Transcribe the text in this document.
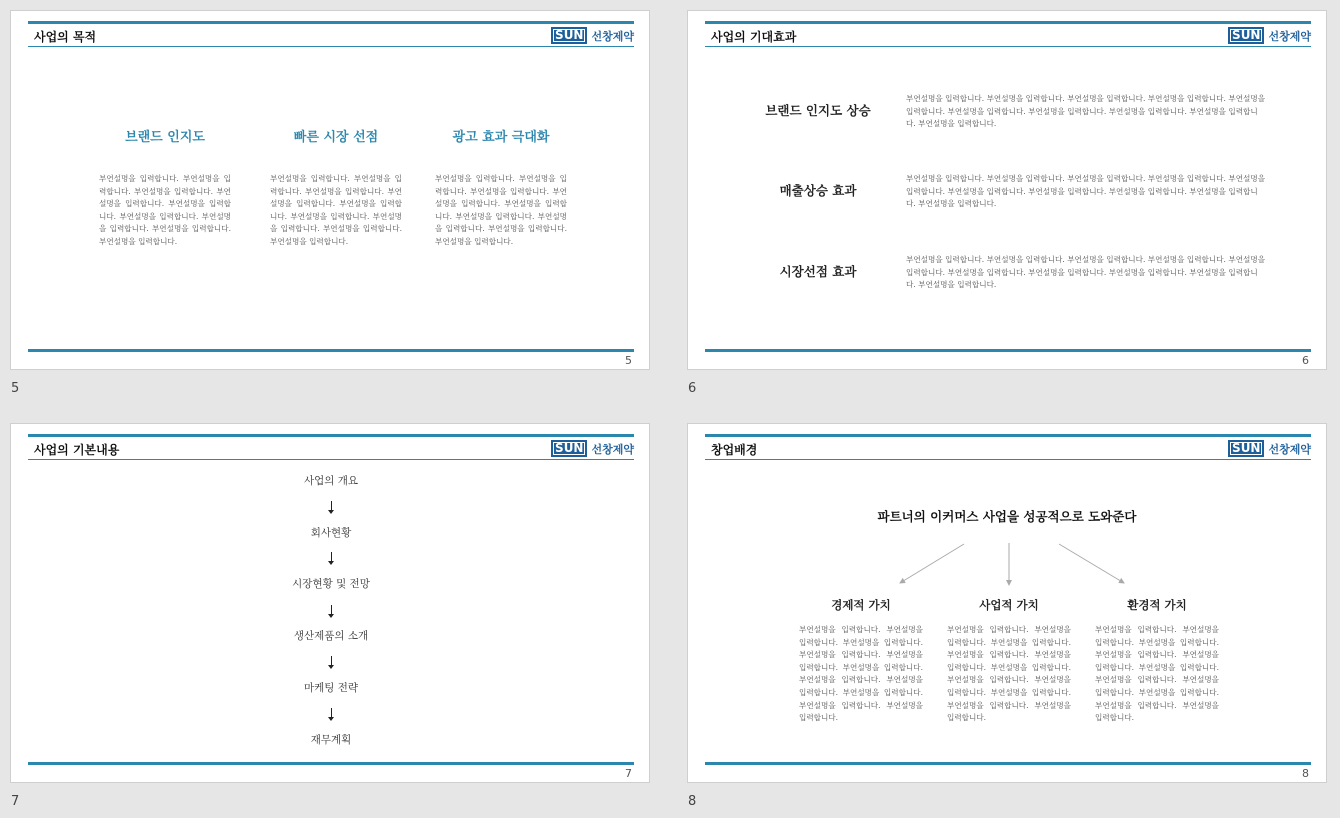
사업의 목적	SUN 선창제약
브랜드 인지도
부연설명을 입력합니다. 부연설명을 입력합니다. 부연설명을 입력합니다. 부연설명을 입력합니다. 부연설명을 입력합니다. 부연설명을 입력합니다. 부연설명을 입력합니다. 부연설명을 입력합니다. 부연설명을 입력합니다.
빠른 시장 선점
부연설명을 입력합니다. 부연설명을 입력합니다. 부연설명을 입력합니다. 부연설명을 입력합니다. 부연설명을 입력합니다. 부연설명을 입력합니다. 부연설명을 입력합니다. 부연설명을 입력합니다. 부연설명을 입력합니다.
광고 효과 극대화
부연설명을 입력합니다. 부연설명을 입력합니다. 부연설명을 입력합니다. 부연설명을 입력합니다. 부연설명을 입력합니다. 부연설명을 입력합니다. 부연설명을 입력합니다. 부연설명을 입력합니다. 부연설명을 입력합니다.
5
5
사업의 기대효과	SUN 선창제약
브랜드 인지도 상승
부연설명을 입력합니다. 부연설명을 입력합니다. 부연설명을 입력합니다. 부연설명을 입력합니다. 부연설명을 입력합니다. 부연설명을 입력합니다. 부연설명을 입력합니다. 부연설명을 입력합니다. 부연설명을 입력합니다. 부연설명을 입력합니다.
매출상승 효과
부연설명을 입력합니다. 부연설명을 입력합니다. 부연설명을 입력합니다. 부연설명을 입력합니다. 부연설명을 입력합니다. 부연설명을 입력합니다. 부연설명을 입력합니다. 부연설명을 입력합니다. 부연설명을 입력합니다. 부연설명을 입력합니다.
시장선점 효과
부연설명을 입력합니다. 부연설명을 입력합니다. 부연설명을 입력합니다. 부연설명을 입력합니다. 부연설명을 입력합니다. 부연설명을 입력합니다. 부연설명을 입력합니다. 부연설명을 입력합니다. 부연설명을 입력합니다. 부연설명을 입력합니다.
6
6
사업의 기본내용	SUN 선창제약
사업의 개요
회사현황
시장현황 및 전망
생산제품의 소개
마케팅 전략
재무계획
7
7
창업배경	SUN 선창제약
파트너의 이커머스 사업을 성공적으로 도와준다
경제적 가치
부연설명을 입력합니다. 부연설명을 입력합니다. 부연설명을 입력합니다. 부연설명을 입력합니다. 부연설명을 입력합니다. 부연설명을 입력합니다. 부연설명을 입력합니다. 부연설명을 입력합니다. 부연설명을 입력합니다. 부연설명을 입력합니다. 부연설명을 입력합니다.
사업적 가치
부연설명을 입력합니다. 부연설명을 입력합니다. 부연설명을 입력합니다. 부연설명을 입력합니다. 부연설명을 입력합니다. 부연설명을 입력합니다. 부연설명을 입력합니다. 부연설명을 입력합니다. 부연설명을 입력합니다. 부연설명을 입력합니다. 부연설명을 입력합니다.
환경적 가치
부연설명을 입력합니다. 부연설명을 입력합니다. 부연설명을 입력합니다. 부연설명을 입력합니다. 부연설명을 입력합니다. 부연설명을 입력합니다. 부연설명을 입력합니다. 부연설명을 입력합니다. 부연설명을 입력합니다. 부연설명을 입력합니다. 부연설명을 입력합니다.
8
8
